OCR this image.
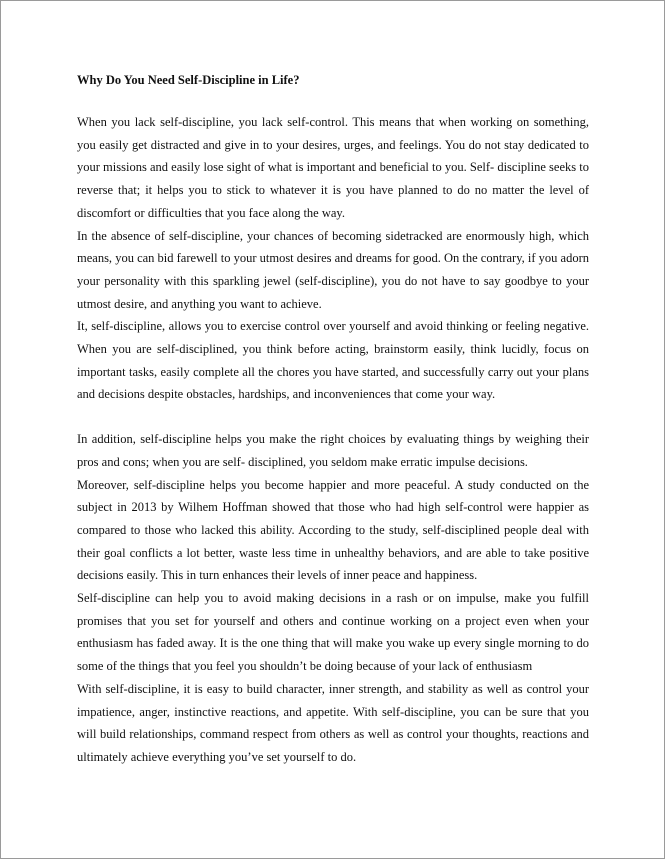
Why Do You Need Self-Discipline in Life?

When you lack self-discipline, you lack self-control. This means that when working on something, you easily get distracted and give in to your desires, urges, and feelings. You do not stay dedicated to your missions and easily lose sight of what is important and beneficial to you. Self- discipline seeks to reverse that; it helps you to stick to whatever it is you have planned to do no matter the level of discomfort or difficulties that you face along the way.

In the absence of self-discipline, your chances of becoming sidetracked are enormously high, which means, you can bid farewell to your utmost desires and dreams for good. On the contrary, if you adorn your personality with this sparkling jewel (self-discipline), you do not have to say goodbye to your utmost desire, and anything you want to achieve.

It, self-discipline, allows you to exercise control over yourself and avoid thinking or feeling negative. When you are self-disciplined, you think before acting, brainstorm easily, think lucidly, focus on important tasks, easily complete all the chores you have started, and successfully carry out your plans and decisions despite obstacles, hardships, and inconveniences that come your way.

In addition, self-discipline helps you make the right choices by evaluating things by weighing their pros and cons; when you are self- disciplined, you seldom make erratic impulse decisions.

Moreover, self-discipline helps you become happier and more peaceful. A study conducted on the subject in 2013 by Wilhem Hoffman showed that those who had high self-control were happier as compared to those who lacked this ability. According to the study, self-disciplined people deal with their goal conflicts a lot better, waste less time in unhealthy behaviors, and are able to take positive decisions easily. This in turn enhances their levels of inner peace and happiness.

Self-discipline can help you to avoid making decisions in a rash or on impulse, make you fulfill promises that you set for yourself and others and continue working on a project even when your enthusiasm has faded away. It is the one thing that will make you wake up every single morning to do some of the things that you feel you shouldn’t be doing because of your lack of enthusiasm

With self-discipline, it is easy to build character, inner strength, and stability as well as control your impatience, anger, instinctive reactions, and appetite. With self-discipline, you can be sure that you will build relationships, command respect from others as well as control your thoughts, reactions and ultimately achieve everything you’ve set yourself to do.
